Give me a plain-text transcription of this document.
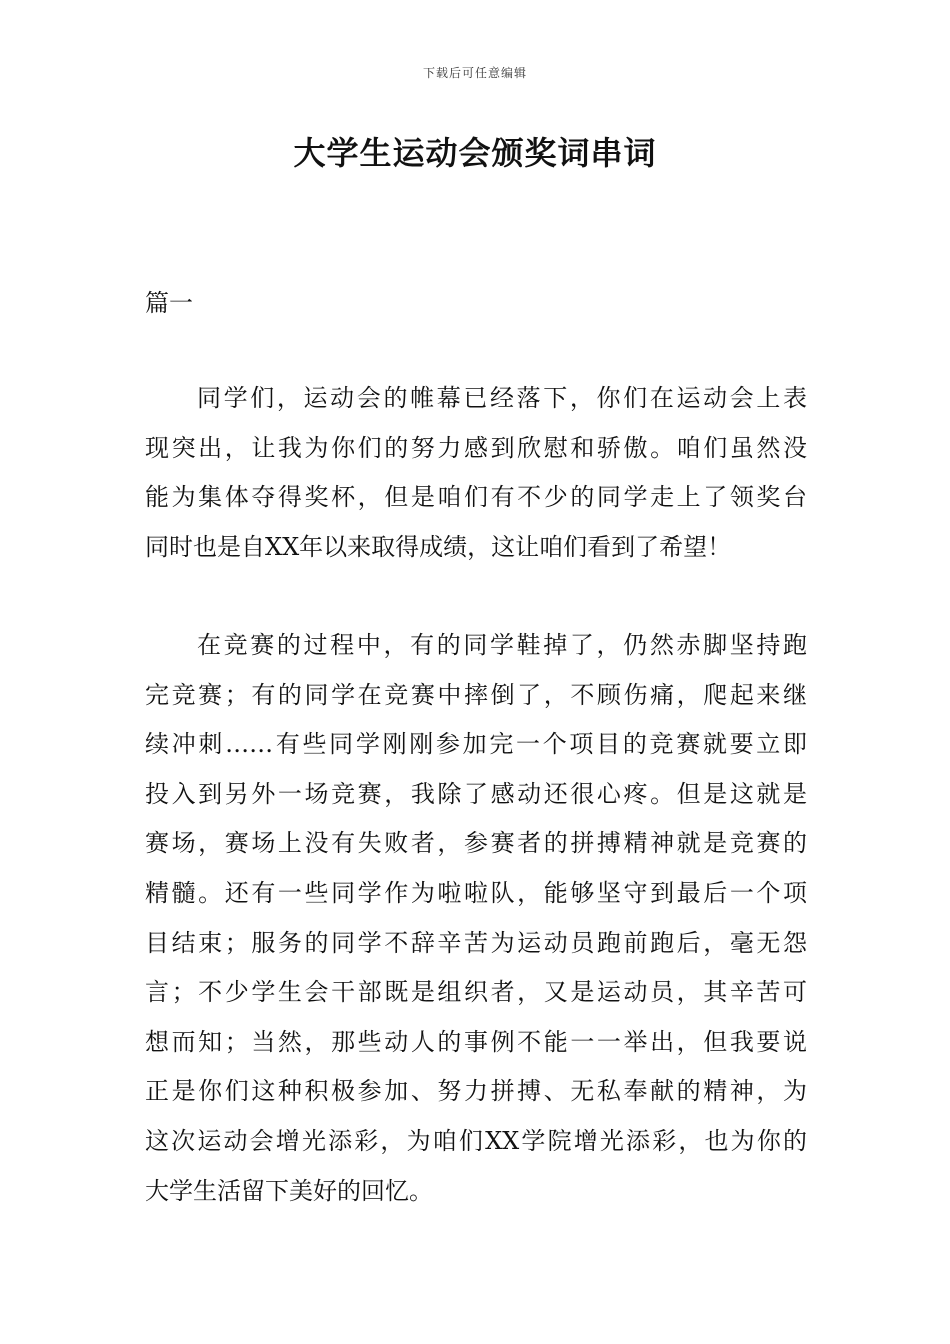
下载后可任意编辑
大学生运动会颁奖词串词
篇一
同学们，运动会的帷幕已经落下，你们在运动会上表
现突出，让我为你们的努力感到欣慰和骄傲。咱们虽然没
能为集体夺得奖杯，但是咱们有不少的同学走上了领奖台
同时也是自XX年以来取得成绩，这让咱们看到了希望！
在竞赛的过程中，有的同学鞋掉了，仍然赤脚坚持跑
完竞赛；有的同学在竞赛中摔倒了，不顾伤痛，爬起来继
续冲刺……有些同学刚刚参加完一个项目的竞赛就要立即
投入到另外一场竞赛，我除了感动还很心疼。但是这就是
赛场，赛场上没有失败者，参赛者的拼搏精神就是竞赛的
精髓。还有一些同学作为啦啦队，能够坚守到最后一个项
目结束；服务的同学不辞辛苦为运动员跑前跑后，毫无怨
言；不少学生会干部既是组织者，又是运动员，其辛苦可
想而知；当然，那些动人的事例不能一一举出，但我要说
正是你们这种积极参加、努力拼搏、无私奉献的精神，为
这次运动会增光添彩，为咱们XX学院增光添彩，也为你的
大学生活留下美好的回忆。
